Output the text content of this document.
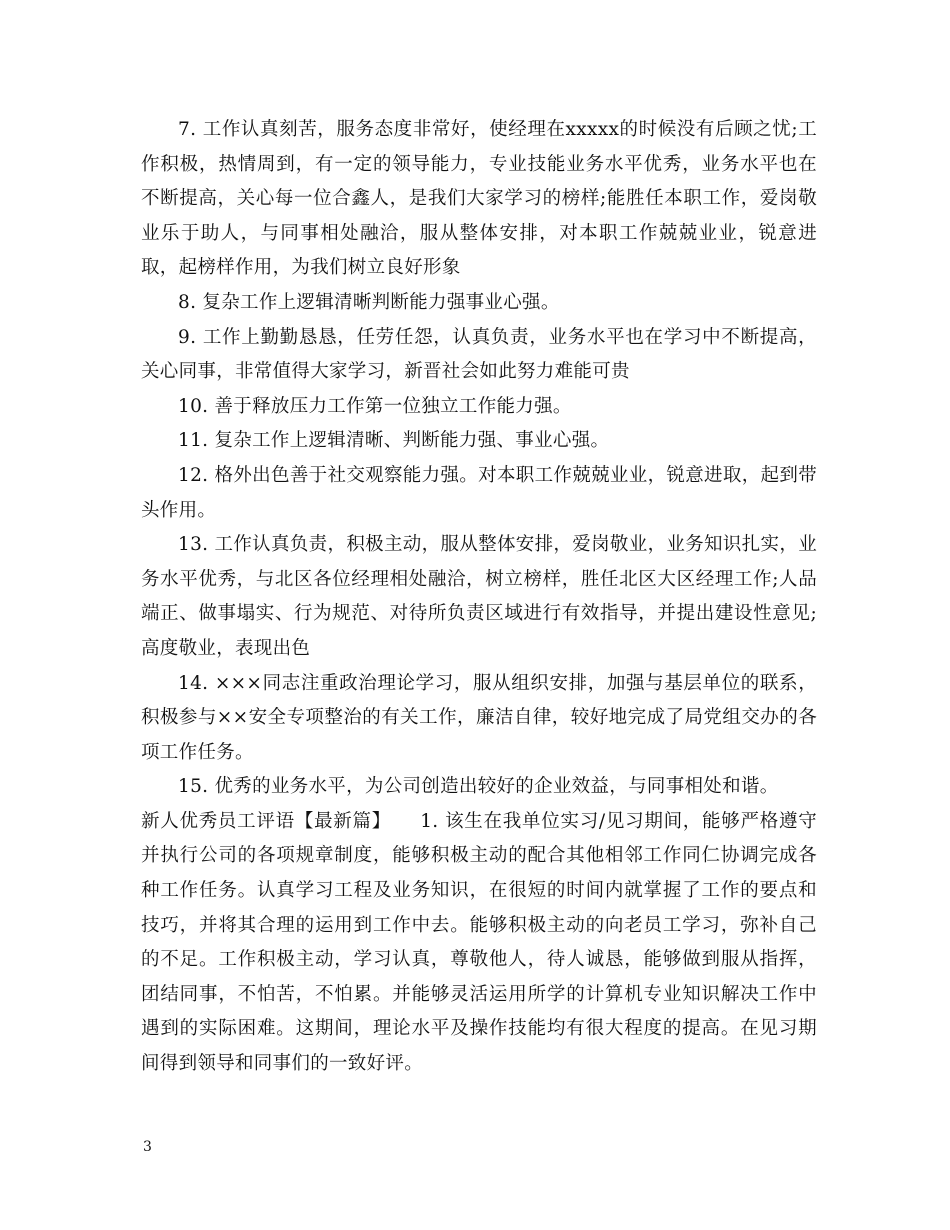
7. 工作认真刻苦，服务态度非常好，使经理在xxxxx的时候没有后顾之忧;工作积极，热情周到，有一定的领导能力，专业技能业务水平优秀，业务水平也在不断提高，关心每一位合鑫人，是我们大家学习的榜样;能胜任本职工作，爱岗敬业乐于助人，与同事相处融洽，服从整体安排，对本职工作兢兢业业，锐意进取，起榜样作用，为我们树立良好形象

8. 复杂工作上逻辑清晰判断能力强事业心强。

9. 工作上勤勤恳恳，任劳任怨，认真负责，业务水平也在学习中不断提高，关心同事，非常值得大家学习，新晋社会如此努力难能可贵

10. 善于释放压力工作第一位独立工作能力强。

11. 复杂工作上逻辑清晰、判断能力强、事业心强。

12. 格外出色善于社交观察能力强。对本职工作兢兢业业，锐意进取，起到带头作用。

13. 工作认真负责，积极主动，服从整体安排，爱岗敬业，业务知识扎实，业务水平优秀，与北区各位经理相处融洽，树立榜样，胜任北区大区经理工作;人品端正、做事塌实、行为规范、对待所负责区域进行有效指导，并提出建设性意见;高度敬业，表现出色

14. ×××同志注重政治理论学习，服从组织安排，加强与基层单位的联系，积极参与××安全专项整治的有关工作，廉洁自律，较好地完成了局党组交办的各项工作任务。

15. 优秀的业务水平，为公司创造出较好的企业效益，与同事相处和谐。

新人优秀员工评语【最新篇】　　1. 该生在我单位实习/见习期间，能够严格遵守并执行公司的各项规章制度，能够积极主动的配合其他相邻工作同仁协调完成各种工作任务。认真学习工程及业务知识，在很短的时间内就掌握了工作的要点和技巧，并将其合理的运用到工作中去。能够积极主动的向老员工学习，弥补自己的不足。工作积极主动，学习认真，尊敬他人，待人诚恳，能够做到服从指挥，团结同事，不怕苦，不怕累。并能够灵活运用所学的计算机专业知识解决工作中遇到的实际困难。这期间，理论水平及操作技能均有很大程度的提高。在见习期间得到领导和同事们的一致好评。

3
